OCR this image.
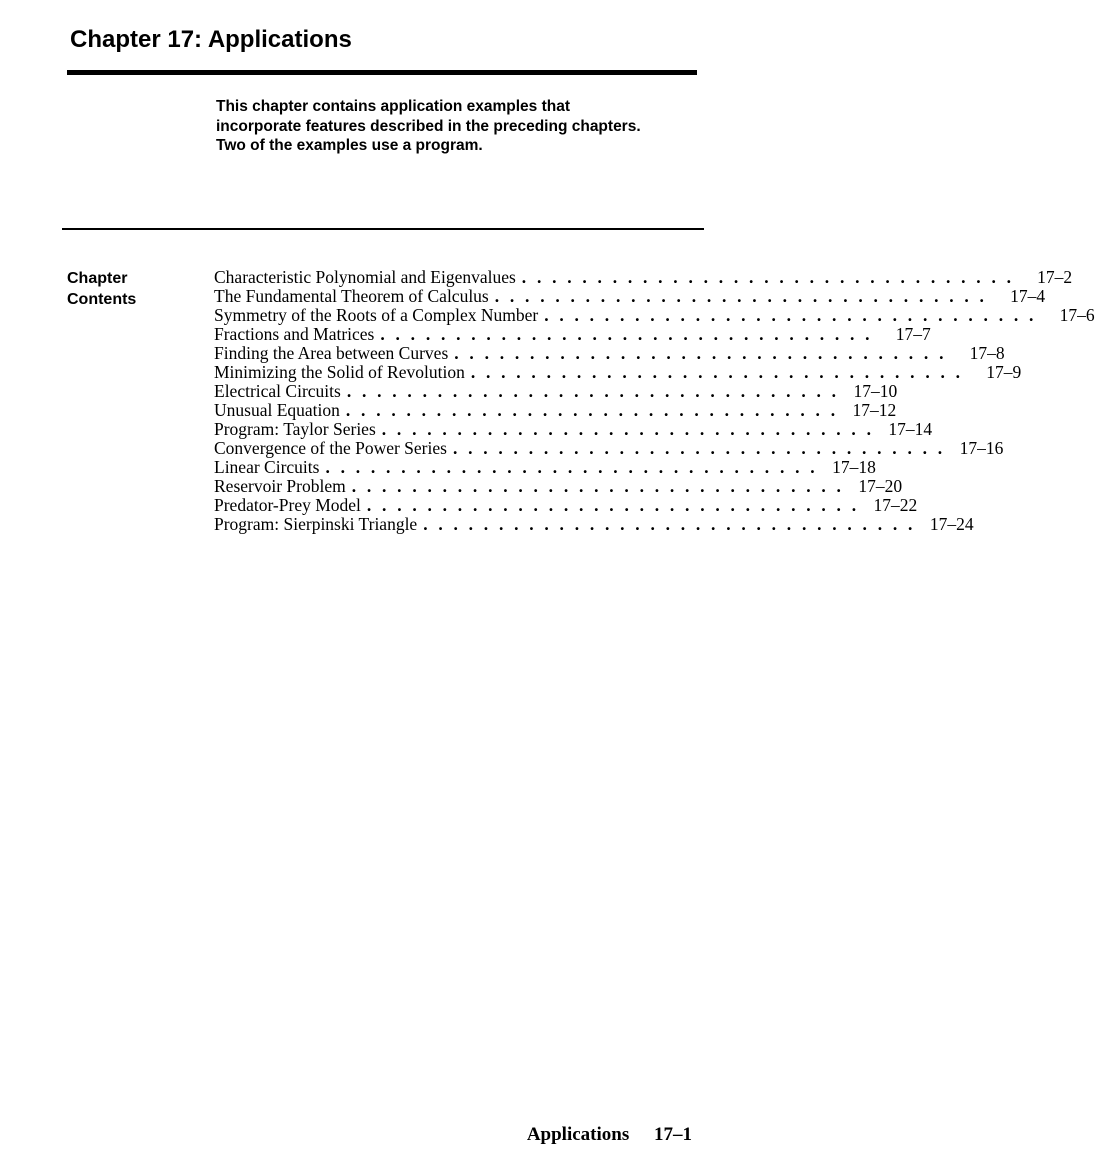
Chapter 17: Applications
This chapter contains application examples that
incorporate features described in the preceding chapters.
Two of the examples use a program.
Chapter
Contents
Characteristic Polynomial and Eigenvalues . . . . . . . . . . . . . . . . . . . . . . . . . . . . . . . . .	17–2
The Fundamental Theorem of Calculus . . . . . . . . . . . . . . . . . . . . . . . . . . . . . . . . .	17–4
Symmetry of the Roots of a Complex Number . . . . . . . . . . . . . . . . . . . . . . . . . . . . . . . . .	17–6
Fractions and Matrices . . . . . . . . . . . . . . . . . . . . . . . . . . . . . . . . .	17–7
Finding the Area between Curves . . . . . . . . . . . . . . . . . . . . . . . . . . . . . . . . .	17–8
Minimizing the Solid of Revolution . . . . . . . . . . . . . . . . . . . . . . . . . . . . . . . . .	17–9
Electrical Circuits . . . . . . . . . . . . . . . . . . . . . . . . . . . . . . . . . 17–10
Unusual Equation . . . . . . . . . . . . . . . . . . . . . . . . . . . . . . . . . 17–12
Program: Taylor Series . . . . . . . . . . . . . . . . . . . . . . . . . . . . . . . . . 17–14
Convergence of the Power Series . . . . . . . . . . . . . . . . . . . . . . . . . . . . . . . . . 17–16
Linear Circuits . . . . . . . . . . . . . . . . . . . . . . . . . . . . . . . . . 17–18
Reservoir Problem . . . . . . . . . . . . . . . . . . . . . . . . . . . . . . . . . 17–20
Predator-Prey Model . . . . . . . . . . . . . . . . . . . . . . . . . . . . . . . . . 17–22
Program: Sierpinski Triangle . . . . . . . . . . . . . . . . . . . . . . . . . . . . . . . . . 17–24
Applications 17–1
